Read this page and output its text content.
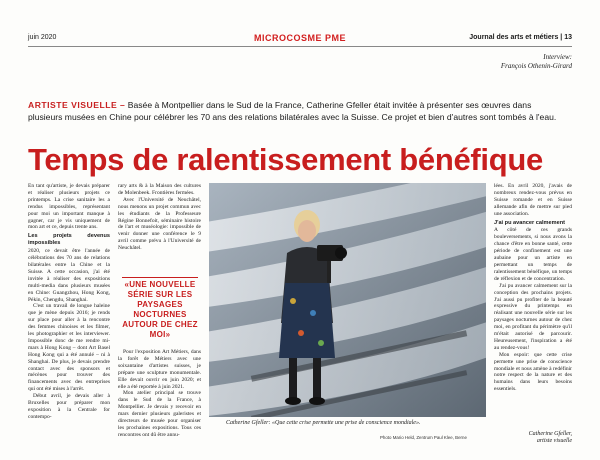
juin 2020	MICROCOSME PME	Journal des arts et métiers | 13
Interview:
François Othenin-Girard
ARTISTE VISUELLE – Basée à Montpellier dans le Sud de la France, Catherine Gfeller était invitée à présenter ses œuvres dans plusieurs musées en Chine pour célébrer les 70 ans des relations bilatérales avec la Suisse. Ce projet et bien d'autres sont tombés à l'eau.
Temps de ralentissement bénéfique

En tant qu'artiste, je devais préparer et réaliser plusieurs projets ce printemps. La crise sanitaire les a rendus impossibles, représentant pour moi un important manque à gagner, car je vis uniquement de mon art et ce, depuis trente ans.

Les projets devenus impossibles

2020, ce devait être l'année de célébrations des 70 ans de relations bilatérales entre la Chine et la Suisse. A cette occasion, j'ai été invitée à réaliser des expositions multi-media dans plusieurs musées en Chine: Guangzhou, Hong Kong, Pékin, Chengdu, Shanghai.

C'est un travail de longue haleine que je mène depuis 2016; je rends sur place pour aller à la rencontre des femmes chinoises et les filmer, les photographier et les interviewer. Impossible donc de me rendre mi-mars à Hong Kong – dont Art Basel Hong Kong qui a été annulé – ni à Shanghai. De plus, je devais prendre contact avec des sponsors et mécènes pour trouver des financements avec des entreprises qui ont été mises à l'arrêt.

Début avril, je devais aller à Bruxelles pour préparer mon exposition à la Centrale for contempo-

rary arts & à la Maison des cultures de Molenbeek. Frontières fermées.

Avec l'Université de Neuchâtel, nous menons un projet commun avec les étudiants de la Professeure Régine Bonnefoit, séminaire histoire de l'art et muséologie: impossible de venir donner une conférence le 9 avril comme prévu à l'Université de Neuchâtel.

«UNE NOUVELLE SÉRIE SUR LES PAYSAGES NOCTURNES AUTOUR DE CHEZ MOI»

Pour l'exposition Art Métiers, dans la forêt de Métiers avec une soixantaine d'artistes suisses, je prépare une sculpture monumentale. Elle devait ouvrir en juin 2020; et elle a été reportée à juin 2021.

Mon atelier principal se trouve dans le Sud de la France, à Montpellier. Je devais y recevoir en mars dernier plusieurs galeristes et directeurs de musée pour organiser les prochaines expositions. Tous ces rencontres ont dû être annu-

Catherine Gfeller: «Que cette crise permette une prise de conscience mondiale».
Photo Mario Held, Zentrum Paul Klee, Berne

lées. En avril 2020, j'avais de nombreux rendez-vous prévus en Suisse romande et en Suisse allemande afin de mettre sur pied une association.

J'ai pu avancer calmement

A côté de ces grands bouleversements, si nous avons la chance d'être en bonne santé, cette période de confinement est une aubaine pour un artiste en permettant un temps de ralentissement bénéfique, un temps de réflexion et de concentration.

J'ai pu avancer calmement sur la conception des prochains projets. J'ai aussi pu profiter de la beauté expressive du printemps en réalisant une nouvelle série sur les paysages nocturnes autour de chez moi, en profitant du périmètre qu'il m'était autorisé de parcourir. Heureusement, l'inspiration a été au rendez-vous!

Mon espoir: que cette crise permette une prise de conscience mondiale et nous amène à redéfinir notre respect de la nature et des humains dans leurs besoins essentiels.

Catherine Gfeller,
artiste visuelle
